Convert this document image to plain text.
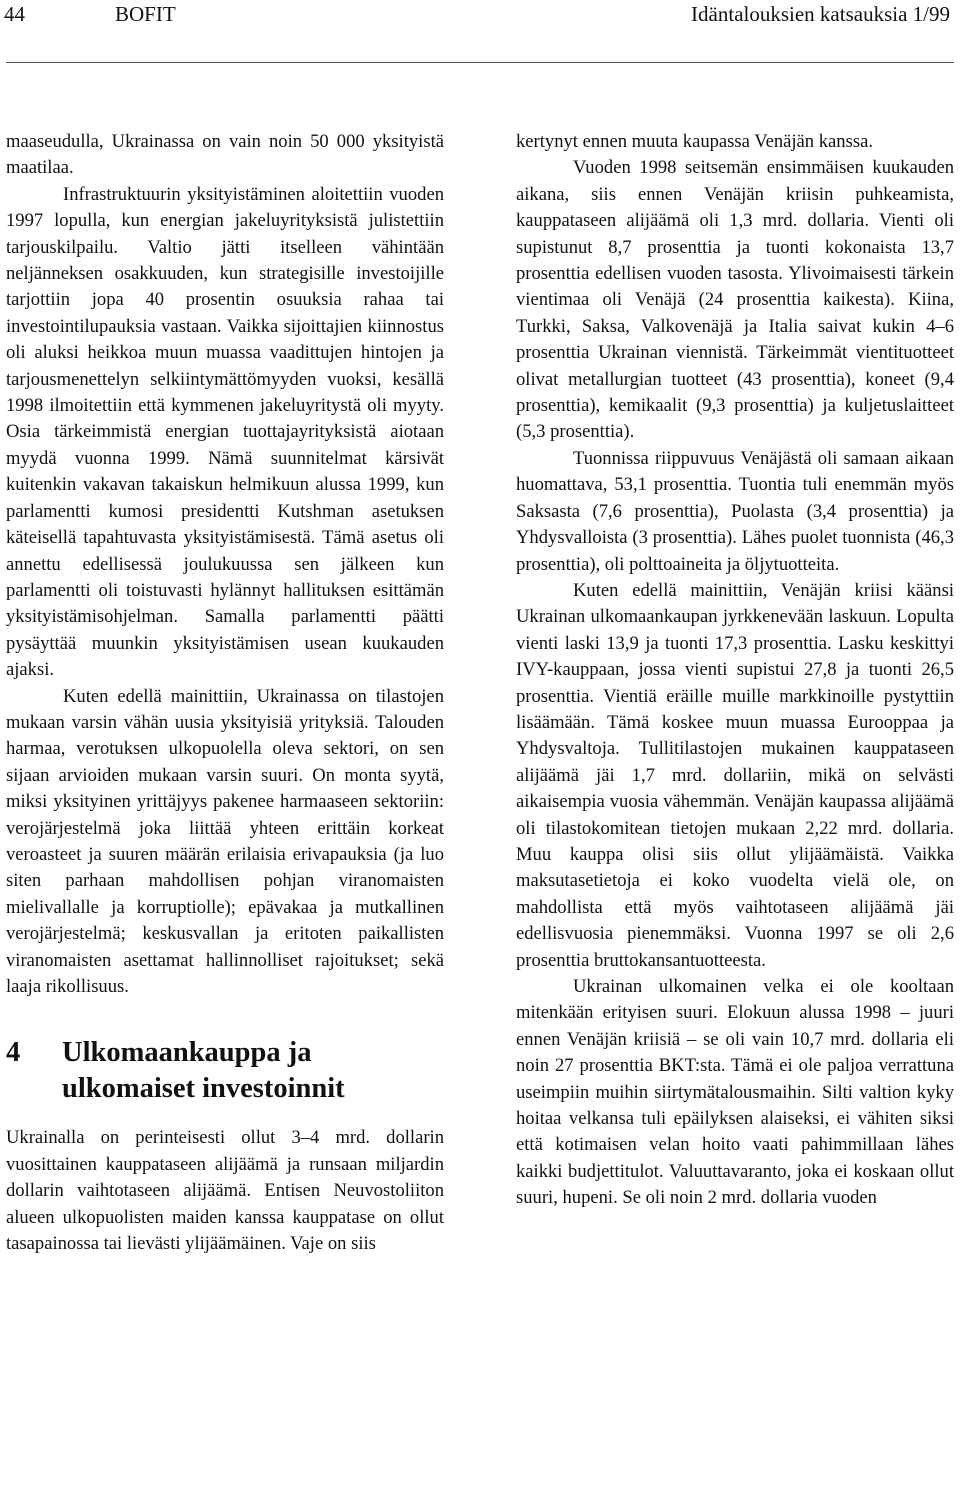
44	BOFIT	Idäntalouksien katsauksia 1/99

maaseudulla, Ukrainassa on vain noin 50 000 yksityistä maatilaa.

Infrastruktuurin yksityistäminen aloitettiin vuoden 1997 lopulla, kun energian jakeluyrityksistä julistettiin tarjouskilpailu. Valtio jätti itselleen vähintään neljänneksen osakkuuden, kun strategisille investoijille tarjottiin jopa 40 prosentin osuuksia rahaa tai investointilupauksia vastaan. Vaikka sijoittajien kiinnostus oli aluksi heikkoa muun muassa vaadittujen hintojen ja tarjousmenettelyn selkiintymättömyyden vuoksi, kesällä 1998 ilmoitettiin että kymmenen jakeluyritystä oli myyty. Osia tärkeimmistä energian tuottajayrityksistä aiotaan myydä vuonna 1999. Nämä suunnitelmat kärsivät kuitenkin vakavan takaiskun helmikuun alussa 1999, kun parlamentti kumosi presidentti Kutshman asetuksen käteisellä tapahtuvasta yksityistämisestä. Tämä asetus oli annettu edellisessä joulukuussa sen jälkeen kun parlamentti oli toistuvasti hylännyt hallituksen esittämän yksityistämisohjelman. Samalla parlamentti päätti pysäyttää muunkin yksityistämisen usean kuukauden ajaksi.

Kuten edellä mainittiin, Ukrainassa on tilastojen mukaan varsin vähän uusia yksityisiä yrityksiä. Talouden harmaa, verotuksen ulkopuolella oleva sektori, on sen sijaan arvioiden mukaan varsin suuri. On monta syytä, miksi yksityinen yrittäjyys pakenee harmaaseen sektoriin: verojärjestelmä joka liittää yhteen erittäin korkeat veroasteet ja suuren määrän erilaisia erivapauksia (ja luo siten parhaan mahdollisen pohjan viranomaisten mielivallalle ja korruptiolle); epävakaa ja mutkallinen verojärjestelmä; keskusvallan ja eritoten paikallisten viranomaisten asettamat hallinnolliset rajoitukset; sekä laaja rikollisuus.

4 Ulkomaankauppa ja
ulkomaiset investoinnit

Ukrainalla on perinteisesti ollut 3–4 mrd. dollarin vuosittainen kauppataseen alijäämä ja runsaan miljardin dollarin vaihtotaseen alijäämä. Entisen Neuvostoliiton alueen ulkopuolisten maiden kanssa kauppatase on ollut tasapainossa tai lievästi ylijäämäinen. Vaje on siis

kertynyt ennen muuta kaupassa Venäjän kanssa.

Vuoden 1998 seitsemän ensimmäisen kuukauden aikana, siis ennen Venäjän kriisin puhkeamista, kauppataseen alijäämä oli 1,3 mrd. dollaria. Vienti oli supistunut 8,7 prosenttia ja tuonti kokonaista 13,7 prosenttia edellisen vuoden tasosta. Ylivoimaisesti tärkein vientimaa oli Venäjä (24 prosenttia kaikesta). Kiina, Turkki, Saksa, Valkovenäjä ja Italia saivat kukin 4–6 prosenttia Ukrainan viennistä. Tärkeimmät vientituotteet olivat metallurgian tuotteet (43 prosenttia), koneet (9,4 prosenttia), kemikaalit (9,3 prosenttia) ja kuljetuslaitteet (5,3 prosenttia).

Tuonnissa riippuvuus Venäjästä oli samaan aikaan huomattava, 53,1 prosenttia. Tuontia tuli enemmän myös Saksasta (7,6 prosenttia), Puolasta (3,4 prosenttia) ja Yhdysvalloista (3 prosenttia). Lähes puolet tuonnista (46,3 prosenttia), oli polttoaineita ja öljytuotteita.

Kuten edellä mainittiin, Venäjän kriisi käänsi Ukrainan ulkomaankaupan jyrkkenevään laskuun. Lopulta vienti laski 13,9 ja tuonti 17,3 prosenttia. Lasku keskittyi IVY-kauppaan, jossa vienti supistui 27,8 ja tuonti 26,5 prosenttia. Vientiä eräille muille markkinoille pystyttiin lisäämään. Tämä koskee muun muassa Eurooppaa ja Yhdysvaltoja. Tullitilastojen mukainen kauppataseen alijäämä jäi 1,7 mrd. dollariin, mikä on selvästi aikaisempia vuosia vähemmän. Venäjän kaupassa alijäämä oli tilastokomitean tietojen mukaan 2,22 mrd. dollaria. Muu kauppa olisi siis ollut ylijäämäistä. Vaikka maksutasetietoja ei koko vuodelta vielä ole, on mahdollista että myös vaihtotaseen alijäämä jäi edellisvuosia pienemmäksi. Vuonna 1997 se oli 2,6 prosenttia bruttokansantuotteesta.

Ukrainan ulkomainen velka ei ole kooltaan mitenkään erityisen suuri. Elokuun alussa 1998 – juuri ennen Venäjän kriisiä – se oli vain 10,7 mrd. dollaria eli noin 27 prosenttia BKT:sta. Tämä ei ole paljoa verrattuna useimpiin muihin siirtymätalousmaihin. Silti valtion kyky hoitaa velkansa tuli epäilyksen alaiseksi, ei vähiten siksi että kotimaisen velan hoito vaati pahimmillaan lähes kaikki budjettitulot. Valuuttavaranto, joka ei koskaan ollut suuri, hupeni. Se oli noin 2 mrd. dollaria vuoden
